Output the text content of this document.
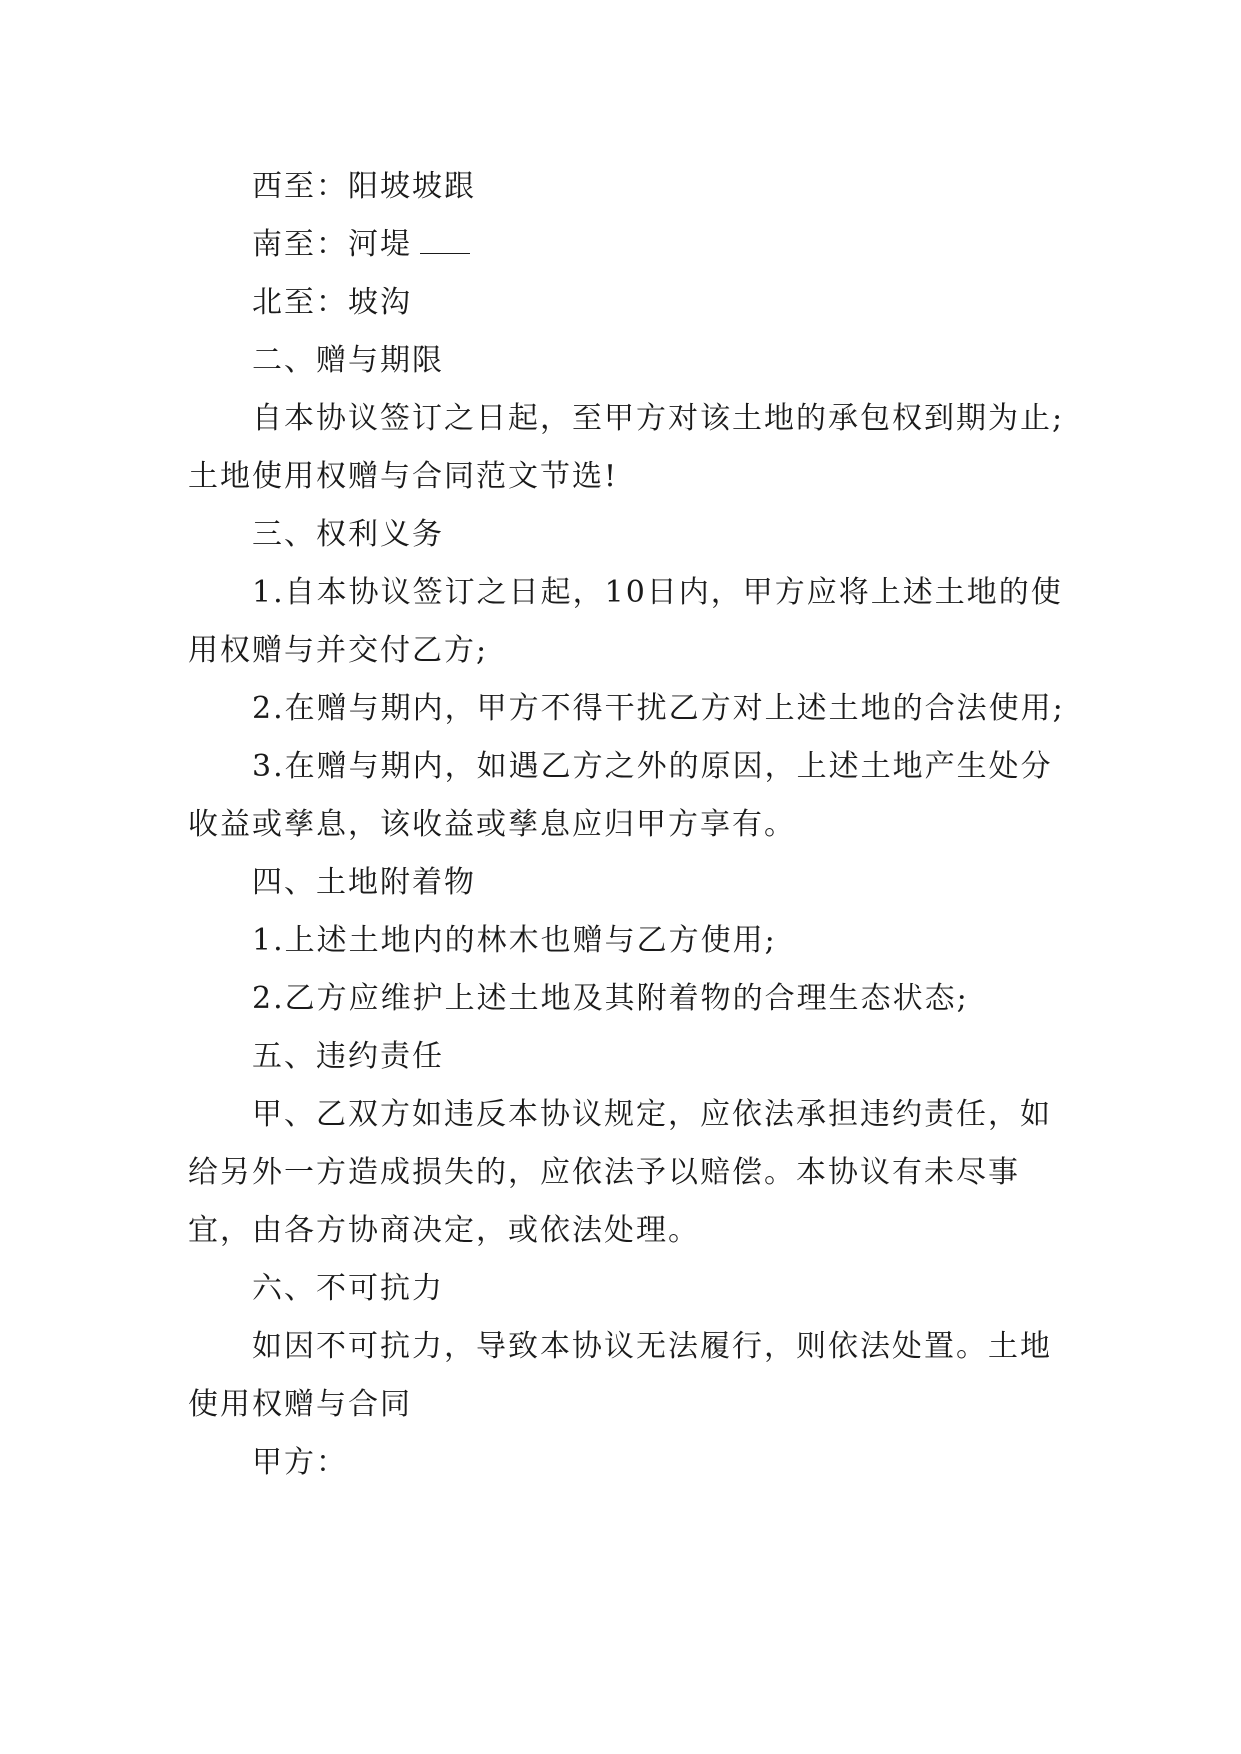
西至：阳坡坡跟

南至：河堤

北至：坡沟

二、赠与期限

自本协议签订之日起，至甲方对该土地的承包权到期为止;土地使用权赠与合同范文节选!

三、权利义务

1.自本协议签订之日起，10日内，甲方应将上述土地的使用权赠与并交付乙方;

2.在赠与期内，甲方不得干扰乙方对上述土地的合法使用;

3.在赠与期内，如遇乙方之外的原因，上述土地产生处分收益或孳息，该收益或孳息应归甲方享有。

四、土地附着物

1.上述土地内的林木也赠与乙方使用;

2.乙方应维护上述土地及其附着物的合理生态状态;

五、违约责任

甲、乙双方如违反本协议规定，应依法承担违约责任，如给另外一方造成损失的，应依法予以赔偿。本协议有未尽事宜，由各方协商决定，或依法处理。

六、不可抗力

如因不可抗力，导致本协议无法履行，则依法处置。土地使用权赠与合同

甲方：
